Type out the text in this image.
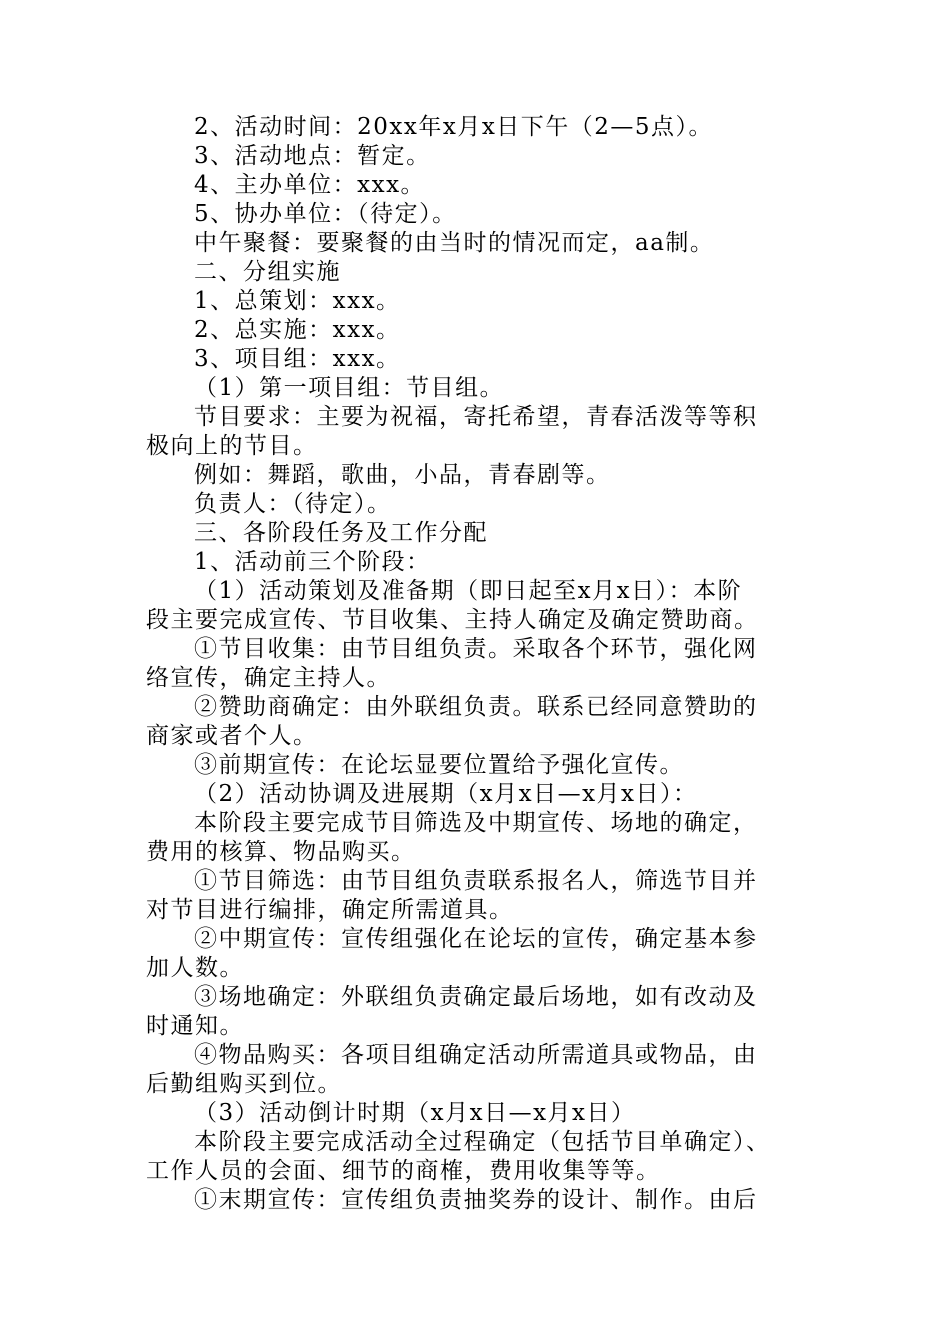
2、活动时间：20xx年x月x日下午（2—5点）。

3、活动地点：暂定。

4、主办单位：xxx。

5、协办单位：（待定）。

中午聚餐：要聚餐的由当时的情况而定，aa制。

二、分组实施

1、总策划：xxx。

2、总实施：xxx。

3、项目组：xxx。

（1）第一项目组：节目组。

节目要求：主要为祝福，寄托希望，青春活泼等等积

极向上的节目。

例如：舞蹈，歌曲，小品，青春剧等。

负责人：（待定）。

三、各阶段任务及工作分配

1、活动前三个阶段：

（1）活动策划及准备期（即日起至x月x日）：本阶

段主要完成宣传、节目收集、主持人确定及确定赞助商。

①节目收集：由节目组负责。采取各个环节，强化网

络宣传，确定主持人。

②赞助商确定：由外联组负责。联系已经同意赞助的

商家或者个人。

③前期宣传：在论坛显要位置给予强化宣传。

（2）活动协调及进展期（x月x日—x月x日）：

本阶段主要完成节目筛选及中期宣传、场地的确定，

费用的核算、物品购买。

①节目筛选：由节目组负责联系报名人，筛选节目并

对节目进行编排，确定所需道具。

②中期宣传：宣传组强化在论坛的宣传，确定基本参

加人数。

③场地确定：外联组负责确定最后场地，如有改动及

时通知。

④物品购买：各项目组确定活动所需道具或物品，由

后勤组购买到位。

（3）活动倒计时期（x月x日—x月x日）

本阶段主要完成活动全过程确定（包括节目单确定）、

工作人员的会面、细节的商榷，费用收集等等。

①末期宣传：宣传组负责抽奖券的设计、制作。由后
